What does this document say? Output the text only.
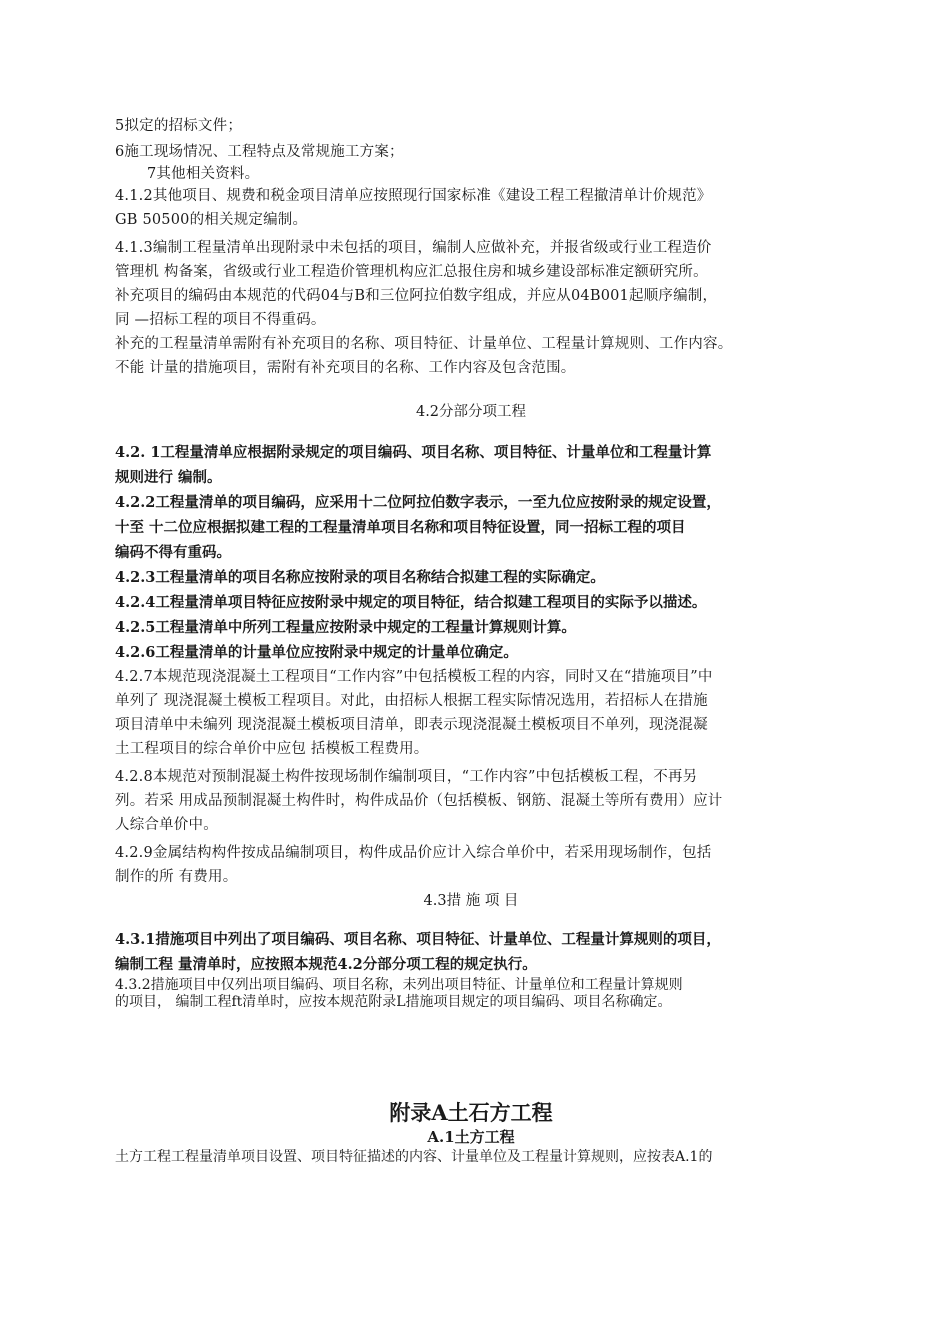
5拟定的招标文件；

6施工现场情况、工程特点及常规施工方案；

7其他相关资料。

4.1.2其他项目、规费和税金项目清单应按照现行国家标准《建设工程工程撤清单计价规范》

GB 50500的相关规定编制。

4.1.3编制工程量清单出现附录中未包括的项目，编制人应做补充，并报省级或行业工程造价

管理机 构备案，省级或行业工程造价管理机构应汇总报住房和城乡建设部标准定额研究所。

补充项目的编码由本规范的代码04与B和三位阿拉伯数字组成，并应从04B001起顺序编制，

同 —招标工程的项目不得重码。

补充的工程量清单需附有补充项目的名称、项目特征、计量单位、工程量计算规则、工作内容。

不能 计量的措施项目，需附有补充项目的名称、工作内容及包含范围。

4.2分部分项工程

4.2. 1工程量清单应根据附录规定的项目编码、项目名称、项目特征、计量单位和工程量计算

规则进行 编制。

4.2.2工程量清单的项目编码，应采用十二位阿拉伯数字表示，一至九位应按附录的规定设置，

十至 十二位应根据拟建工程的工程量清单项目名称和项目特征设置，同一招标工程的项目

编码不得有重码。

4.2.3工程量清单的项目名称应按附录的项目名称结合拟建工程的实际确定。

4.2.4工程量清单项目特征应按附录中规定的项目特征，结合拟建工程项目的实际予以描述。

4.2.5工程量清单中所列工程量应按附录中规定的工程量计算规则计算。

4.2.6工程量清单的计量单位应按附录中规定的计量单位确定。

4.2.7本规范现浇混凝土工程项目“工作内容”中包括模板工程的内容，同时又在“措施项目”中

单列了 现浇混凝土模板工程项目。对此，由招标人根据工程实际情况选用，若招标人在措施

项目清单中未编列 现浇混凝土模板项目清单，即表示现浇混凝土模板项目不单列，现浇混凝

土工程项目的综合单价中应包 括模板工程费用。

4.2.8本规范对预制混凝土构件按现场制作编制项目，“工作内容”中包括模板工程，不再另

列。若采 用成品预制混凝土构件时，构件成品价（包括模板、钢筋、混凝土等所有费用）应计

人综合单价中。

4.2.9金属结构构件按成品编制项目，构件成品价应计入综合单价中，若采用现场制作，包括

制作的所 有费用。

4.3措 施 项 目

4.3.1措施项目中列出了项目编码、项目名称、项目特征、计量单位、工程量计算规则的项目，

编制工程 量清单时，应按照本规范4.2分部分项工程的规定执行。

4.3.2措施项目中仅列出项目编码、项目名称，未列出项目特征、计量单位和工程量计算规则

的项目， 编制工程ft清单时，应按本规范附录L措施项目规定的项目编码、项目名称确定。

附录A土石方工程

A.1土方工程

土方工程工程量清单项目设置、项目特征描述的内容、计量单位及工程量计算规则，应按表A.1的
